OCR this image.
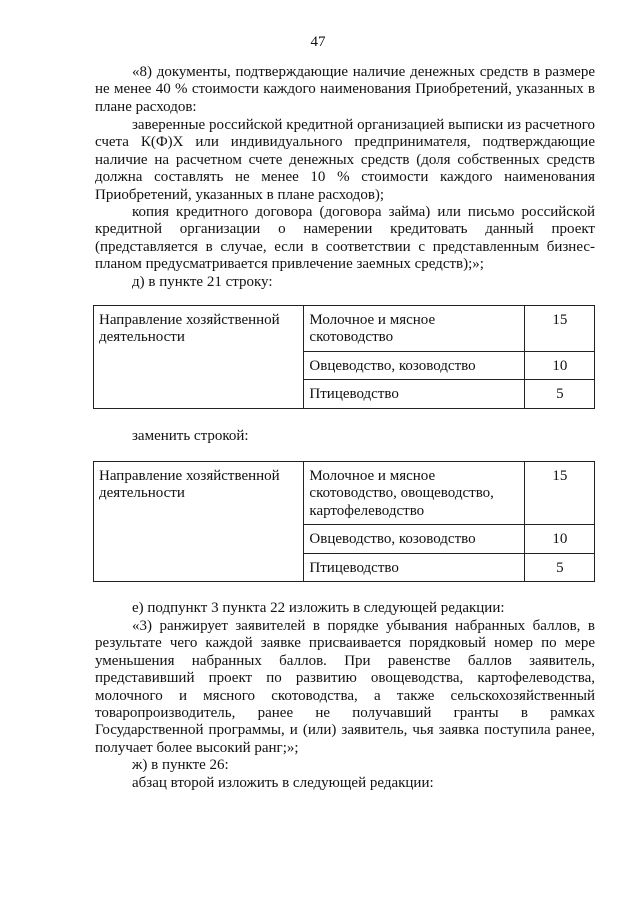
47

«8) документы, подтверждающие наличие денежных средств в размере не менее 40 % стоимости каждого наименования Приобретений, указанных в плане расходов:

заверенные российской кредитной организацией выписки из расчетного счета К(Ф)Х или индивидуального предпринимателя, подтверждающие наличие на расчетном счете денежных средств (доля собственных средств должна составлять не менее 10 % стоимости каждого наименования Приобретений, указанных в плане расходов);

копия кредитного договора (договора займа) или письмо российской кредитной организации о намерении кредитовать данный проект (представляется в случае, если в соответствии с представленным бизнес- планом предусматривается привлечение заемных средств);»;

д) в пункте 21 строку:

Направление хозяйственной деятельности	Молочное и мясное скотоводство	15
	Овцеводство, козоводство	10
	Птицеводство	5

заменить строкой:

Направление хозяйственной деятельности	Молочное и мясное скотоводство, овощеводство, картофелеводство	15
	Овцеводство, козоводство	10
	Птицеводство	5

е) подпункт 3 пункта 22 изложить в следующей редакции:

«3) ранжирует заявителей в порядке убывания набранных баллов, в результате чего каждой заявке присваивается порядковый номер по мере уменьшения набранных баллов. При равенстве баллов заявитель, представивший проект по развитию овощеводства, картофелеводства, молочного и мясного скотоводства, а также сельскохозяйственный товаропроизводитель, ранее не получавший гранты в рамках Государственной программы, и (или) заявитель, чья заявка поступила ранее, получает более высокий ранг;»;

ж) в пункте 26:

абзац второй изложить в следующей редакции:
